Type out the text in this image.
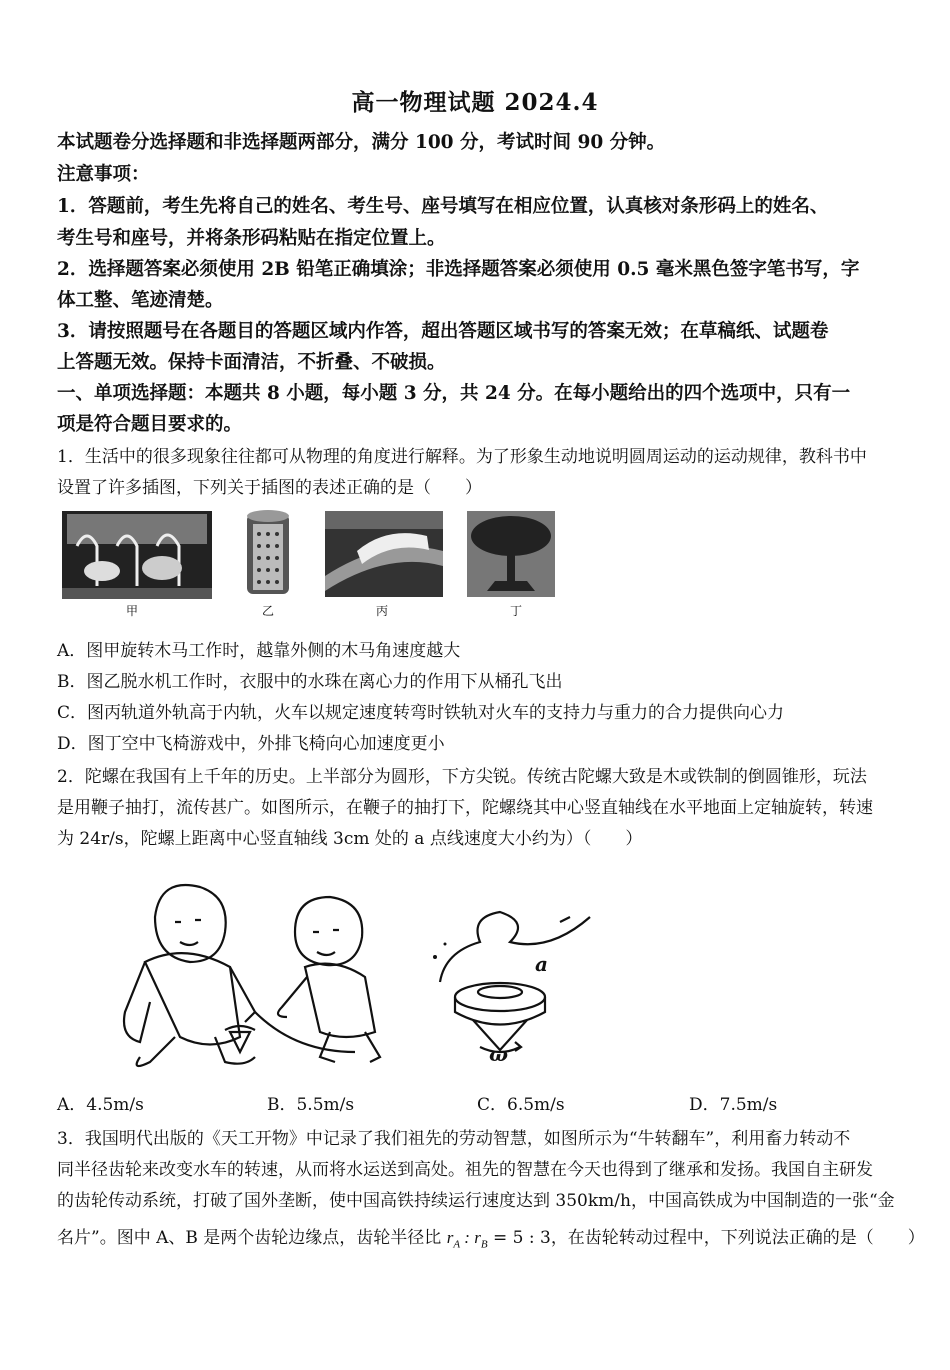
高一物理试题 2024.4
本试题卷分选择题和非选择题两部分，满分 100 分，考试时间 90 分钟。
注意事项：
1．答题前，考生先将自己的姓名、考生号、座号填写在相应位置，认真核对条形码上的姓名、
考生号和座号，并将条形码粘贴在指定位置上。
2．选择题答案必须使用 2B 铅笔正确填涂；非选择题答案必须使用 0.5 毫米黑色签字笔书写，字
体工整、笔迹清楚。
3．请按照题号在各题目的答题区域内作答，超出答题区域书写的答案无效；在草稿纸、试题卷
上答题无效。保持卡面清洁，不折叠、不破损。
一、单项选择题：本题共 8 小题，每小题 3 分，共 24 分。在每小题给出的四个选项中，只有一
项是符合题目要求的。
1．生活中的很多现象往往都可从物理的角度进行解释。为了形象生动地说明圆周运动的运动规律，教科书中
设置了许多插图，下列关于插图的表述正确的是（　　）
甲	乙	丙	丁
A．图甲旋转木马工作时，越靠外侧的木马角速度越大
B．图乙脱水机工作时，衣服中的水珠在离心力的作用下从桶孔飞出
C．图丙轨道外轨高于内轨，火车以规定速度转弯时铁轨对火车的支持力与重力的合力提供向心力
D．图丁空中飞椅游戏中，外排飞椅向心加速度更小
2．陀螺在我国有上千年的历史。上半部分为圆形，下方尖锐。传统古陀螺大致是木或铁制的倒圆锥形，玩法
是用鞭子抽打，流传甚广。如图所示，在鞭子的抽打下，陀螺绕其中心竖直轴线在水平地面上定轴旋转，转速
为 24r/s，陀螺上距离中心竖直轴线 3cm 处的 a 点线速度大小约为）（　　）
a
ω
A．4.5m/s	B．5.5m/s	C．6.5m/s	D．7.5m/s
3．我国明代出版的《天工开物》中记录了我们祖先的劳动智慧，如图所示为“牛转翻车”，利用畜力转动不
同半径齿轮来改变水车的转速，从而将水运送到高处。祖先的智慧在今天也得到了继承和发扬。我国自主研发
的齿轮传动系统，打破了国外垄断，使中国高铁持续运行速度达到 350km/h，中国高铁成为中国制造的一张“金
名片”。图中 A、B 是两个齿轮边缘点，齿轮半径比 $r_A$ : $r_B = 5$ : 3，在齿轮转动过程中，下列说法正确的是（　　）
